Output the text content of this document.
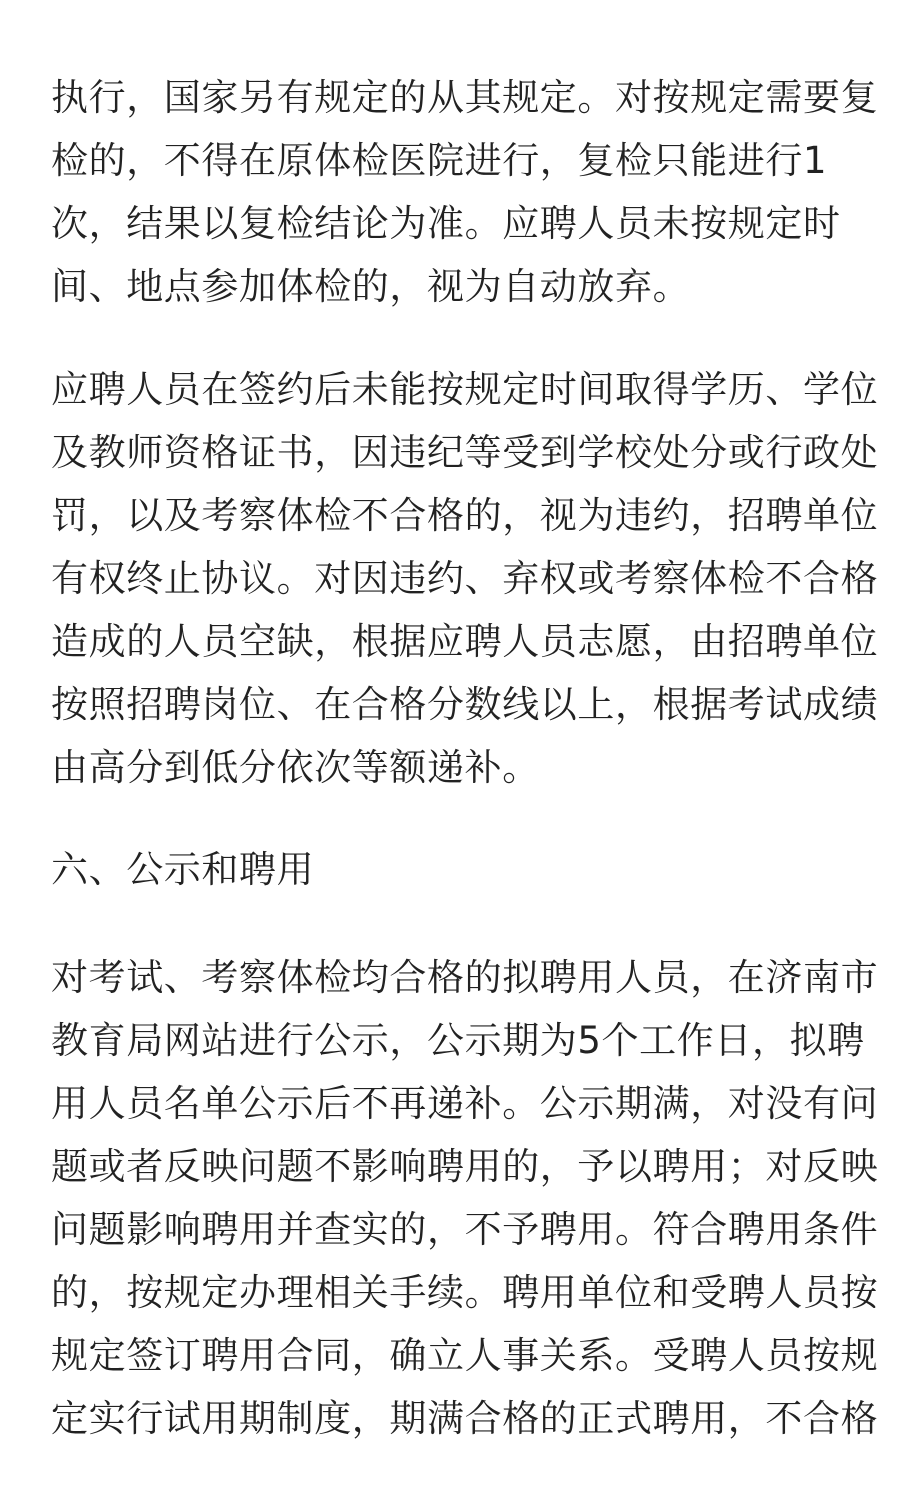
执行，国家另有规定的从其规定。对按规定需要复
检的，不得在原体检医院进行，复检只能进行1
次，结果以复检结论为准。应聘人员未按规定时
间、地点参加体检的，视为自动放弃。

应聘人员在签约后未能按规定时间取得学历、学位
及教师资格证书，因违纪等受到学校处分或行政处
罚，以及考察体检不合格的，视为违约，招聘单位
有权终止协议。对因违约、弃权或考察体检不合格
造成的人员空缺，根据应聘人员志愿，由招聘单位
按照招聘岗位、在合格分数线以上，根据考试成绩
由高分到低分依次等额递补。

六、公示和聘用

对考试、考察体检均合格的拟聘用人员，在济南市
教育局网站进行公示，公示期为5个工作日，拟聘
用人员名单公示后不再递补。公示期满，对没有问
题或者反映问题不影响聘用的，予以聘用；对反映
问题影响聘用并查实的，不予聘用。符合聘用条件
的，按规定办理相关手续。聘用单位和受聘人员按
规定签订聘用合同，确立人事关系。受聘人员按规
定实行试用期制度，期满合格的正式聘用，不合格
